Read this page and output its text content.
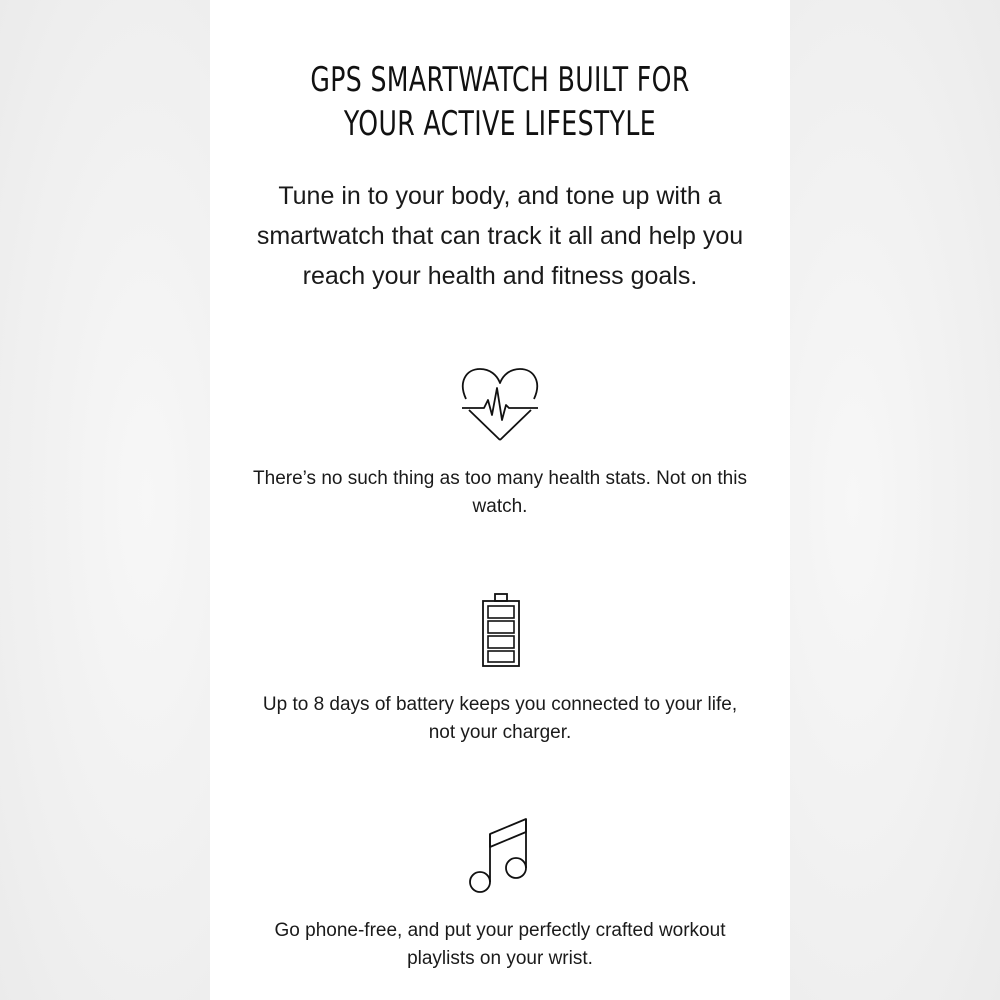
GPS SMARTWATCH BUILT FOR
YOUR ACTIVE LIFESTYLE

Tune in to your body, and tone up with a smartwatch that can track it all and help you reach your health and fitness goals.

There’s no such thing as too many health stats. Not on this watch.

Up to 8 days of battery keeps you connected to your life, not your charger.

Go phone-free, and put your perfectly crafted workout playlists on your wrist.
